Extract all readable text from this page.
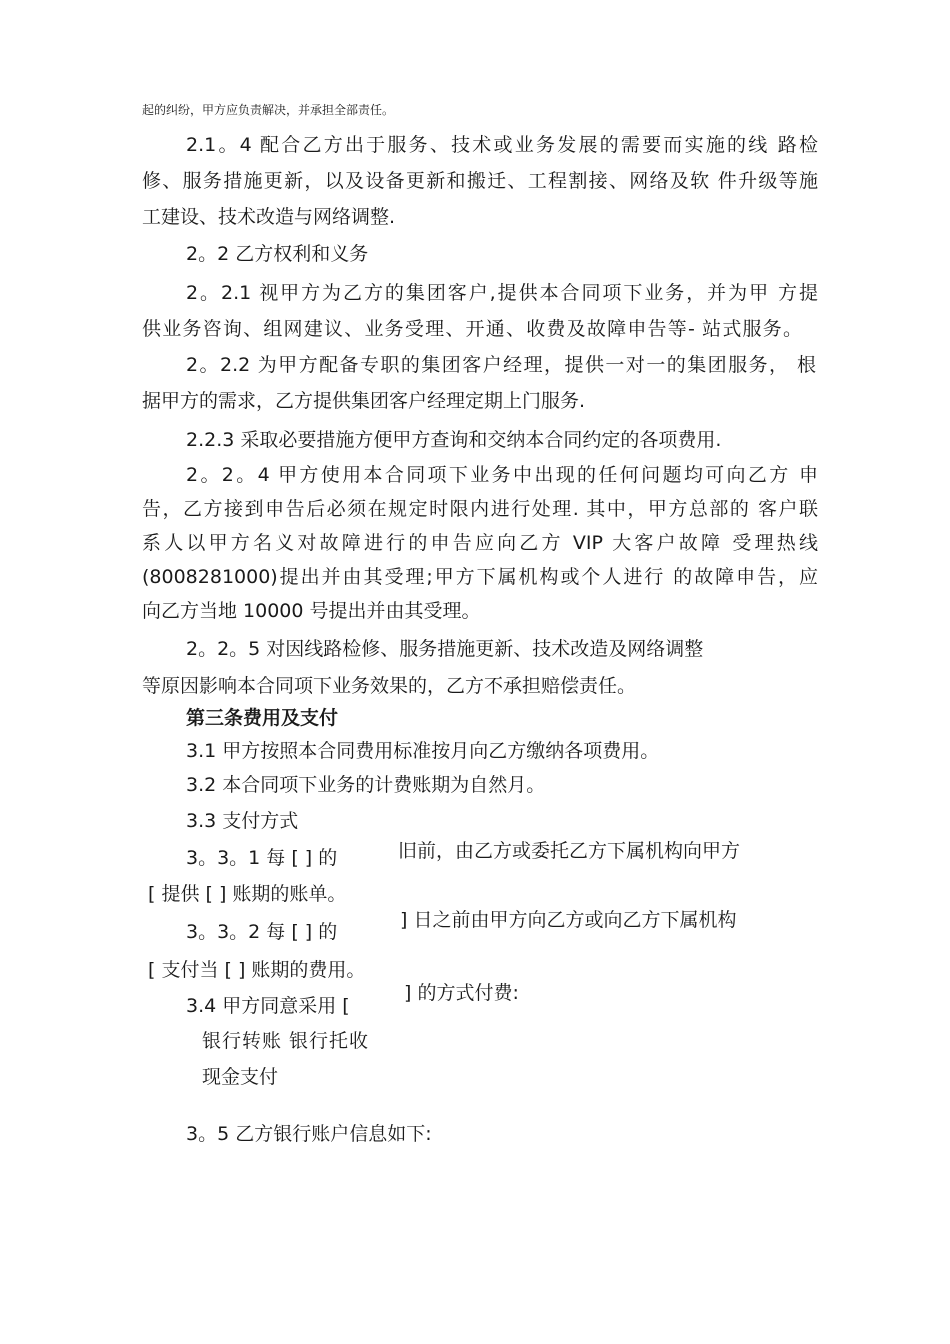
起的纠纷，甲方应负责解决，并承担全部责任。
2.1。4 配合乙方出于服务、技术或业务发展的需要而实施的线 路检
修、服务措施更新，以及设备更新和搬迁、工程割接、网络及软 件升级等施
工建设、技术改造与网络调整.
2。2 乙方权利和义务
2。2.1 视甲方为乙方的集团客户,提供本合同项下业务，并为甲 方提
供业务咨询、组网建议、业务受理、开通、收费及故障申告等- 站式服务。
2。2.2 为甲方配备专职的集团客户经理，提供一对一的集团服务， 根
据甲方的需求，乙方提供集团客户经理定期上门服务.
2.2.3 采取必要措施方便甲方查询和交纳本合同约定的各项费用.
2。2。4 甲方使用本合同项下业务中出现的任何问题均可向乙方 申
告，乙方接到申告后必须在规定时限内进行处理. 其中，甲方总部的 客户联
系人以甲方名义对故障进行的申告应向乙方 VIP 大客户故障 受理热线
(8008281000)提出并由其受理;甲方下属机构或个人进行 的故障申告，应
向乙方当地 10000 号提出并由其受理。
2。2。5 对因线路检修、服务措施更新、技术改造及网络调整
等原因影响本合同项下业务效果的，乙方不承担赔偿责任。
第三条费用及支付
3.1 甲方按照本合同费用标准按月向乙方缴纳各项费用。
3.2 本合同项下业务的计费账期为自然月。
3.3 支付方式
3。3。1 每 [ ] 的	旧前，由乙方或委托乙方下属机构向甲方
[ 提供 [ ] 账期的账单。
3。3。2 每 [ ] 的
] 日之前由甲方向乙方或向乙方下属机构
[ 支付当 [ ] 账期的费用。
3.4 甲方同意采用 [
] 的方式付费:
银行转账 银行托收
现金支付
3。5 乙方银行账户信息如下:
